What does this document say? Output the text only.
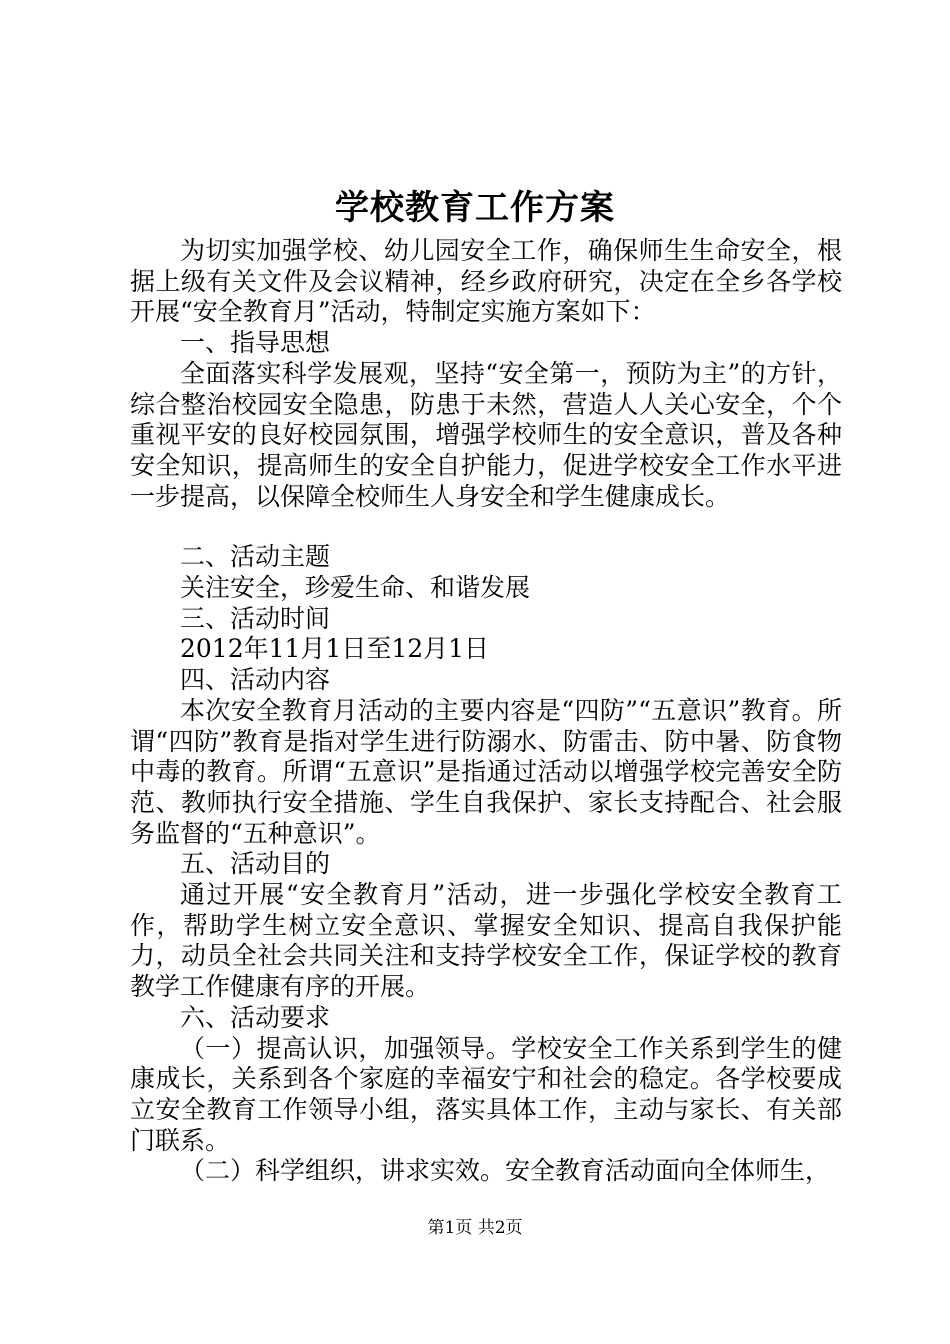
学校教育工作方案

为切实加强学校、幼儿园安全工作，确保师生生命安全，根据上级有关文件及会议精神，经乡政府研究，决定在全乡各学校开展“安全教育月”活动，特制定实施方案如下：

一、指导思想

全面落实科学发展观，坚持“安全第一，预防为主”的方针，综合整治校园安全隐患，防患于未然，营造人人关心安全，个个重视平安的良好校园氛围，增强学校师生的安全意识，普及各种安全知识，提高师生的安全自护能力，促进学校安全工作水平进一步提高，以保障全校师生人身安全和学生健康成长。

二、活动主题

关注安全，珍爱生命、和谐发展

三、活动时间

2012年11月1日至12月1日

四、活动内容

本次安全教育月活动的主要内容是“四防”“五意识”教育。所谓“四防”教育是指对学生进行防溺水、防雷击、防中暑、防食物中毒的教育。所谓“五意识”是指通过活动以增强学校完善安全防范、教师执行安全措施、学生自我保护、家长支持配合、社会服务监督的“五种意识”。

五、活动目的

通过开展“安全教育月”活动，进一步强化学校安全教育工作，帮助学生树立安全意识、掌握安全知识、提高自我保护能力，动员全社会共同关注和支持学校安全工作，保证学校的教育教学工作健康有序的开展。

六、活动要求

（一）提高认识，加强领导。学校安全工作关系到学生的健康成长，关系到各个家庭的幸福安宁和社会的稳定。各学校要成立安全教育工作领导小组，落实具体工作，主动与家长、有关部门联系。

（二）科学组织，讲求实效。安全教育活动面向全体师生，

第1页 共2页
